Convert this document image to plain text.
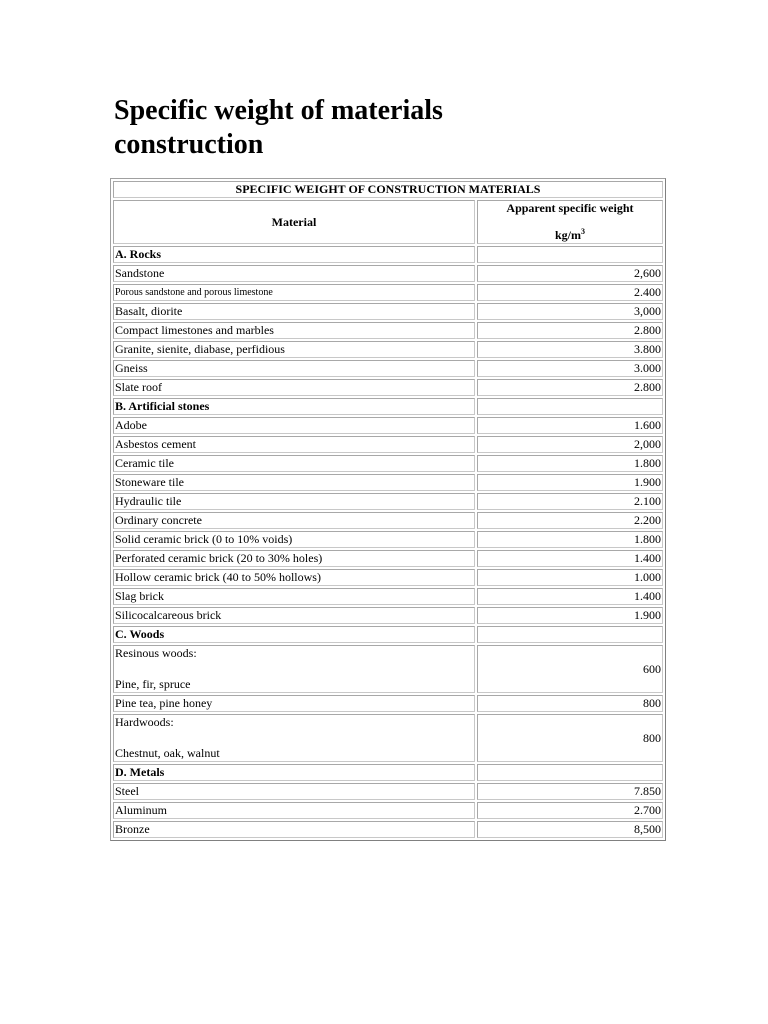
Specific weight of materials construction
SPECIFIC WEIGHT OF CONSTRUCTION MATERIALS	
Material	Apparent specific weight
$kg/m^3$

A. Rocks	
Sandstone	2,600
Porous sandstone and porous limestone	2.400
Basalt, diorite	3,000
Compact limestones and marbles	2.800
Granite, sienite, diabase, perfidious	3.800
Gneiss	3.000
Slate roof	2.800
B. Artificial stones	
Adobe	1.600
Asbestos cement	2,000
Ceramic tile	1.800
Stoneware tile	1.900
Hydraulic tile	2.100
Ordinary concrete	2.200
Solid ceramic brick (0 to 10% voids)	1.800
Perforated ceramic brick (20 to 30% holes)	1.400
Hollow ceramic brick (40 to 50% hollows)	1.000
Slag brick	1.400
Silicocalcareous brick	1.900
C. Woods	

Resinous woods:
Pine, fir, spruce	600
Pine tea, pine honey	800

Hardwoods:
Chestnut, oak, walnut	800
D. Metals	
Steel	7.850
Aluminum	2.700
Bronze	8,500
